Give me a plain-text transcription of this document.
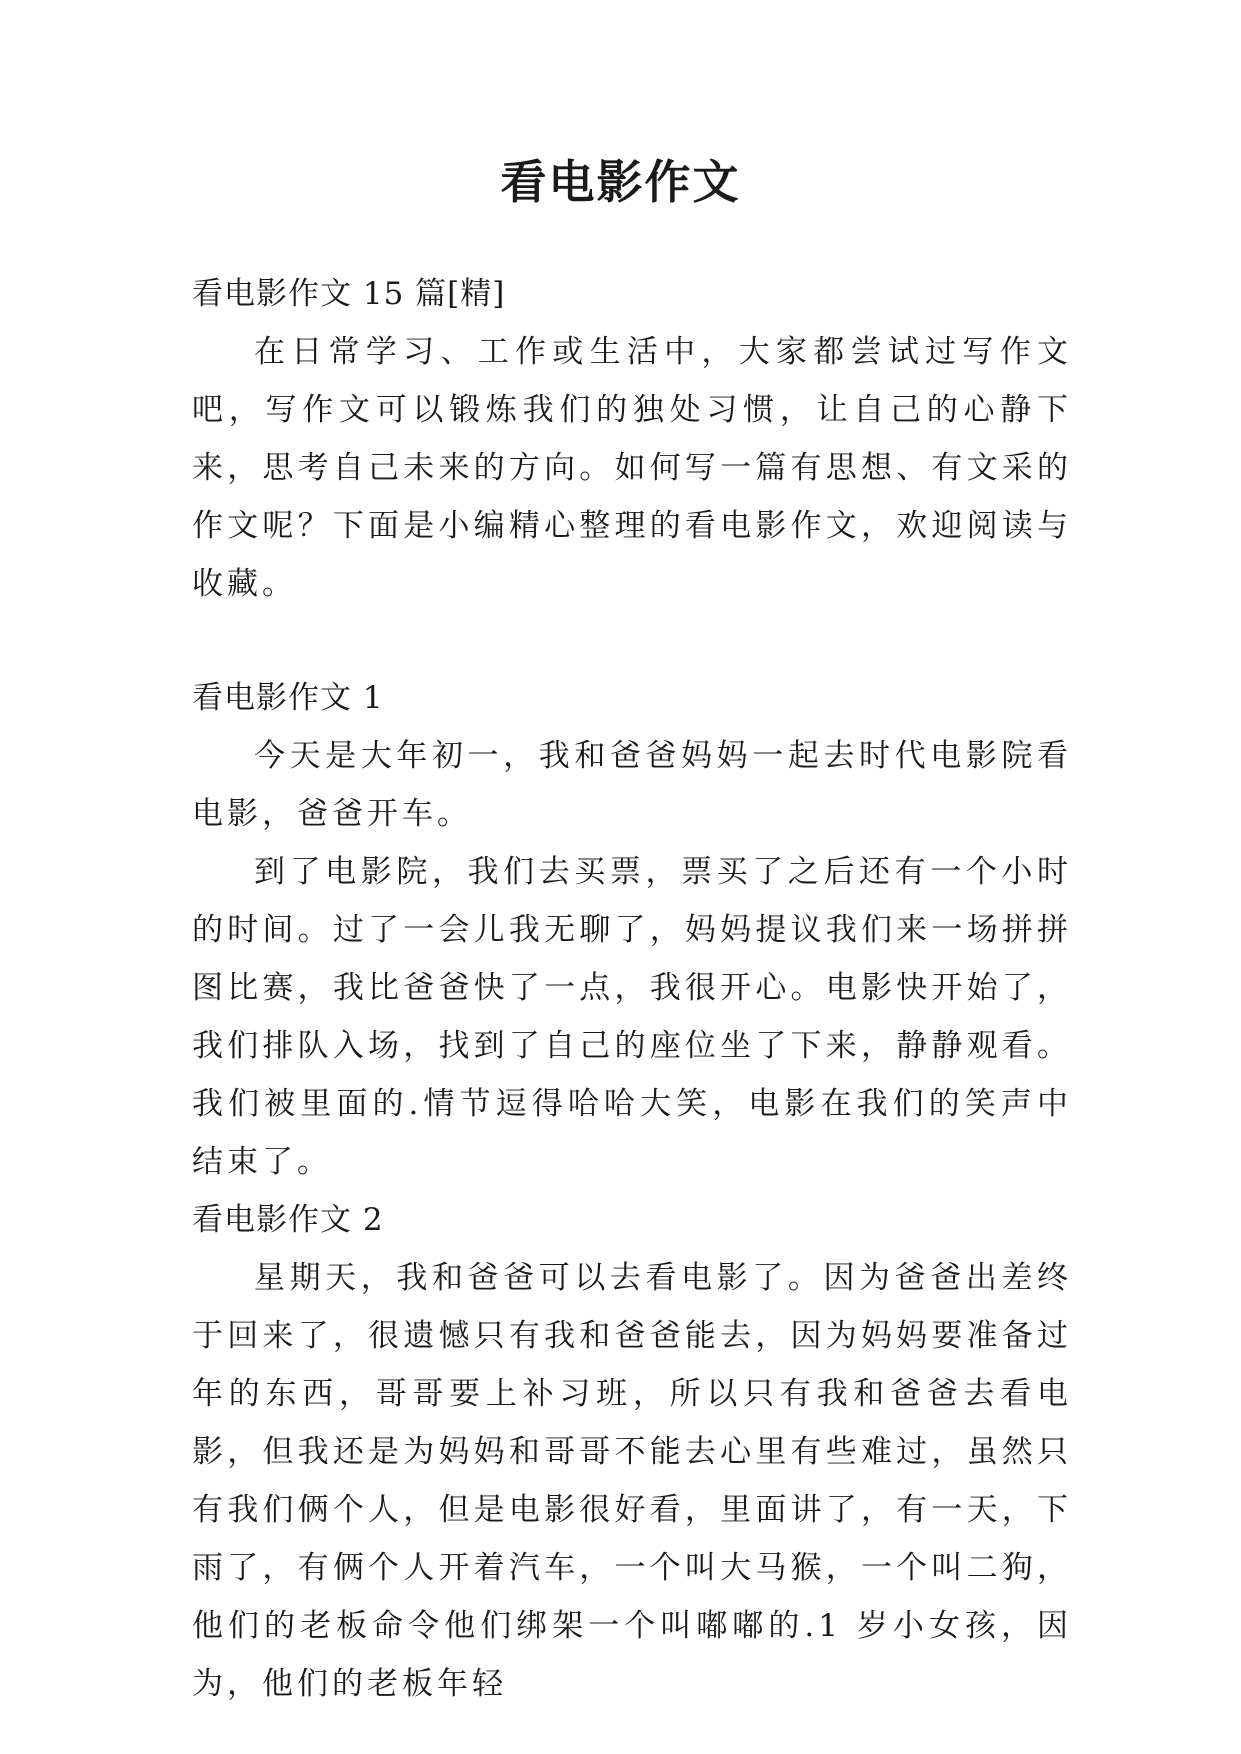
看电影作文

看电影作文 15 篇[精]

在日常学习、工作或生活中，大家都尝试过写作文吧，写作文可以锻炼我们的独处习惯，让自己的心静下来，思考自己未来的方向。如何写一篇有思想、有文采的作文呢？下面是小编精心整理的看电影作文，欢迎阅读与收藏。

看电影作文 1

今天是大年初一，我和爸爸妈妈一起去时代电影院看电影，爸爸开车。

到了电影院，我们去买票，票买了之后还有一个小时的时间。过了一会儿我无聊了，妈妈提议我们来一场拼拼图比赛，我比爸爸快了一点，我很开心。电影快开始了，我们排队入场，找到了自己的座位坐了下来，静静观看。我们被里面的.情节逗得哈哈大笑，电影在我们的笑声中结束了。

看电影作文 2

星期天，我和爸爸可以去看电影了。因为爸爸出差终于回来了，很遗憾只有我和爸爸能去，因为妈妈要准备过年的东西，哥哥要上补习班，所以只有我和爸爸去看电影，但我还是为妈妈和哥哥不能去心里有些难过，虽然只有我们俩个人，但是电影很好看，里面讲了，有一天，下雨了，有俩个人开着汽车，一个叫大马猴，一个叫二狗，他们的老板命令他们绑架一个叫嘟嘟的.1 岁小女孩，因为，他们的老板年轻
